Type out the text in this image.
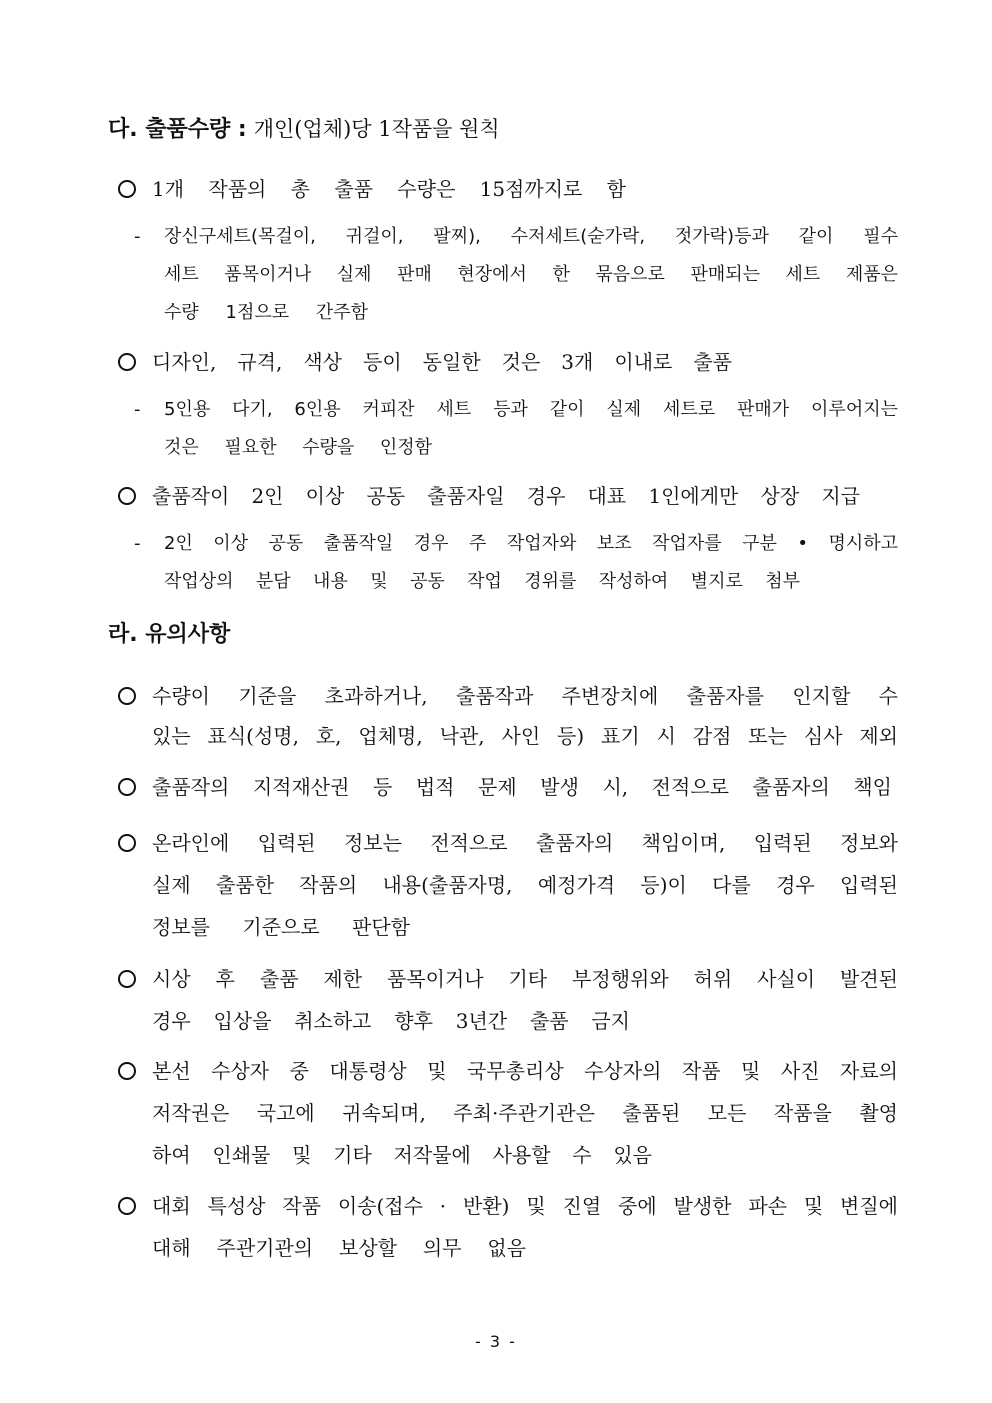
다. 출품수량 : 개인(업체)당 1작품을 원칙
1개 작품의 총 출품 수량은 15점까지로 함
- 장신구세트(목걸이, 귀걸이, 팔찌), 수저세트(숟가락, 젓가락)등과 같이 필수
세트 품목이거나 실제 판매 현장에서 한 묶음으로 판매되는 세트 제품은
수량 1점으로 간주함
디자인, 규격, 색상 등이 동일한 것은 3개 이내로 출품
- 5인용 다기, 6인용 커피잔 세트 등과 같이 실제 세트로 판매가 이루어지는
것은 필요한 수량을 인정함
출품작이 2인 이상 공동 출품자일 경우 대표 1인에게만 상장 지급
- 2인 이상 공동 출품작일 경우 주 작업자와 보조 작업자를 구분 • 명시하고
작업상의 분담 내용 및 공동 작업 경위를 작성하여 별지로 첨부
라. 유의사항
수량이 기준을 초과하거나, 출품작과 주변장치에 출품자를 인지할 수
있는 표식(성명, 호, 업체명, 낙관, 사인 등) 표기 시 감점 또는 심사 제외
출품작의 지적재산권 등 법적 문제 발생 시, 전적으로 출품자의 책임
온라인에 입력된 정보는 전적으로 출품자의 책임이며, 입력된 정보와
실제 출품한 작품의 내용(출품자명, 예정가격 등)이 다를 경우 입력된
정보를 기준으로 판단함
시상 후 출품 제한 품목이거나 기타 부정행위와 허위 사실이 발견된
경우 입상을 취소하고 향후 3년간 출품 금지
본선 수상자 중 대통령상 및 국무총리상 수상자의 작품 및 사진 자료의
저작권은 국고에 귀속되며, 주최·주관기관은 출품된 모든 작품을 촬영
하여 인쇄물 및 기타 저작물에 사용할 수 있음
대회 특성상 작품 이송(접수 · 반환) 및 진열 중에 발생한 파손 및 변질에
대해 주관기관의 보상할 의무 없음
- 3 -
